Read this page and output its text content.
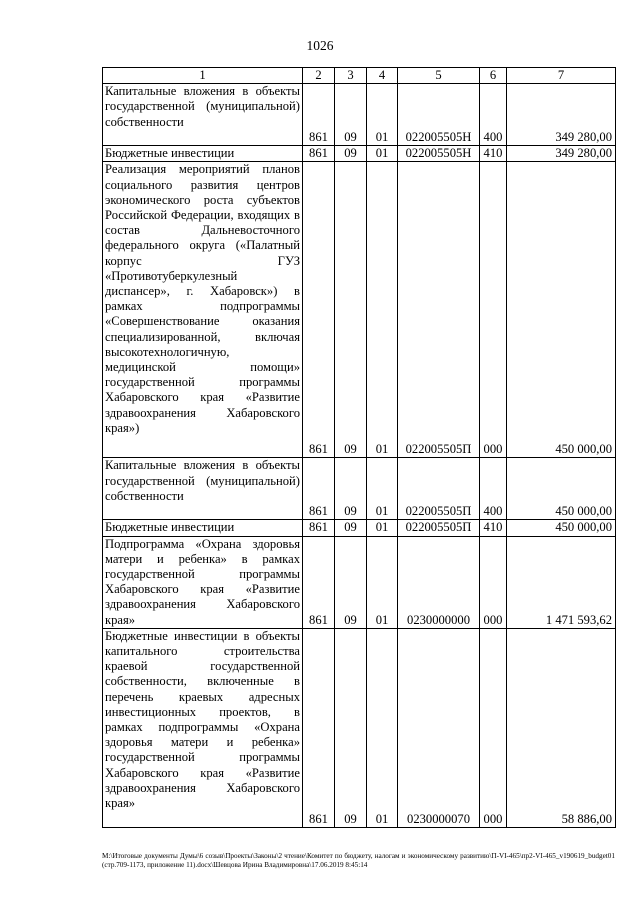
1026
1	2	3	4	5	6	7
Капитальные вложения в объекты государственной (муниципальной) собственности	861	09	01	022005505Н	400	349 280,00
Бюджетные инвестиции	861	09	01	022005505Н	410	349 280,00
Реализация мероприятий планов социального развития центров экономического роста субъектов Российской Федерации, входящих в состав Дальневосточного федерального округа («Палатный корпус ГУЗ «Противотуберкулезный диспансер», г. Хабаровск») в рамках подпрограммы «Совершенствование оказания специализированной, включая высокотехнологичную, медицинской помощи» государственной программы Хабаровского края «Развитие здравоохранения Хабаровского края»)	861	09	01	022005505П	000	450 000,00
Капитальные вложения в объекты государственной (муниципальной) собственности	861	09	01	022005505П	400	450 000,00
Бюджетные инвестиции	861	09	01	022005505П	410	450 000,00
Подпрограмма «Охрана здоровья матери и ребенка» в рамках государственной программы Хабаровского края «Развитие здравоохранения Хабаровского края»	861	09	01	0230000000	000	1 471 593,62
Бюджетные инвестиции в объекты капитального строительства краевой государственной собственности, включенные в перечень краевых адресных инвестиционных проектов, в рамках подпрограммы «Охрана здоровья матери и ребенка» государственной программы Хабаровского края «Развитие здравоохранения Хабаровского края»	861	09	01	0230000070	000	58 886,00
M:\Итоговые документы Думы\6 созыв\Проекты\Законы\2 чтение\Комитет по бюджету, налогам и экономическому развитию\П-VI-465\пр2-VI-465_v190619_budget01 (стр.709-1173, приложение 11).docx\Шевцова Ирина Владимировна\17.06.2019 8:45:14
